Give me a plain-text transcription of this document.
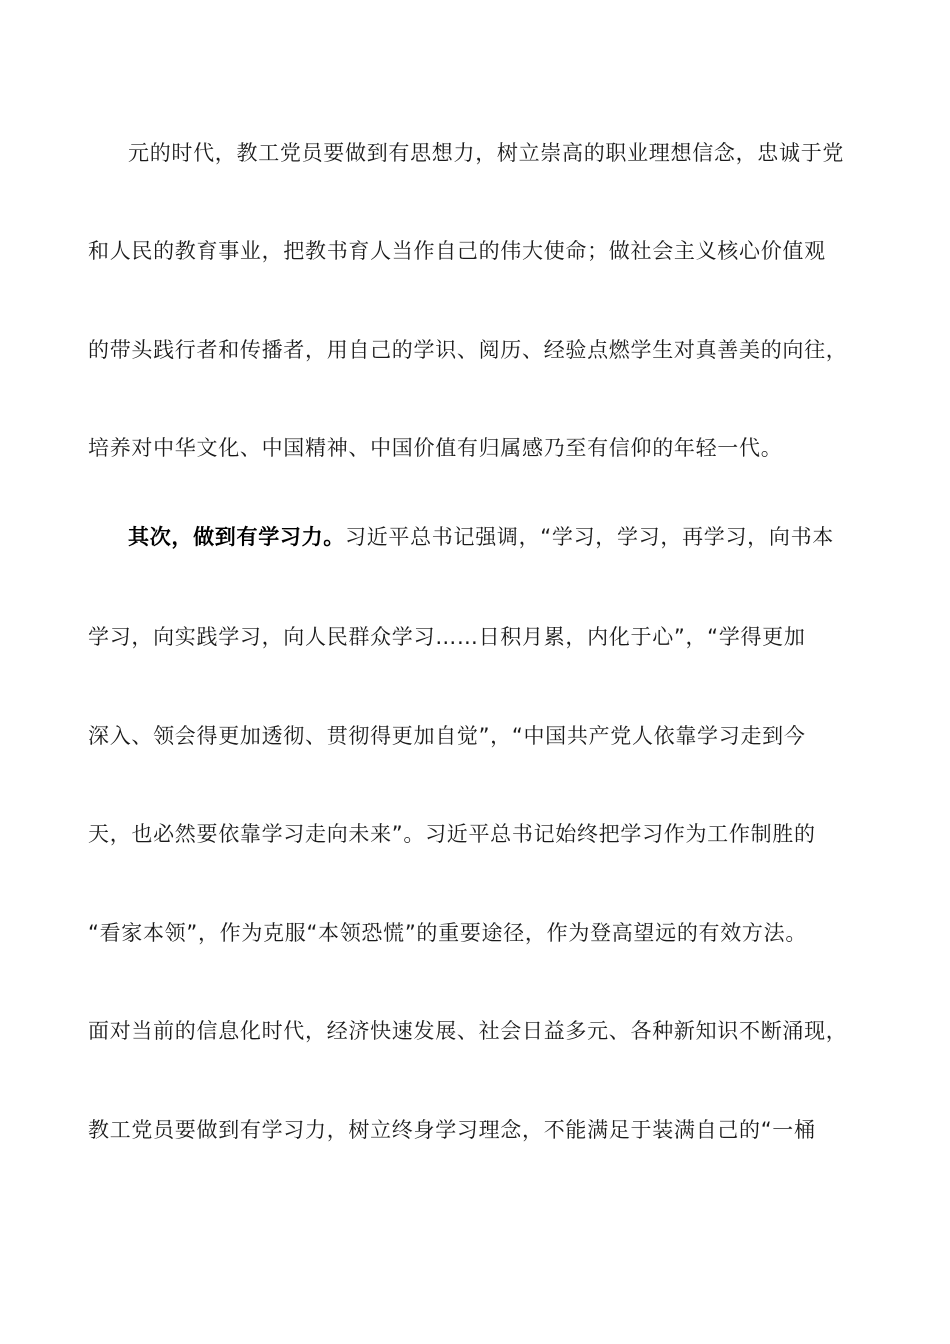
元的时代，教工党员要做到有思想力，树立崇高的职业理想信念，忠诚于党
和人民的教育事业，把教书育人当作自己的伟大使命；做社会主义核心价值观
的带头践行者和传播者，用自己的学识、阅历、经验点燃学生对真善美的向往，
培养对中华文化、中国精神、中国价值有归属感乃至有信仰的年轻一代。
其次，做到有学习力。习近平总书记强调，“学习，学习，再学习，向书本
学习，向实践学习，向人民群众学习……日积月累，内化于心”，“学得更加
深入、领会得更加透彻、贯彻得更加自觉”，“中国共产党人依靠学习走到今
天，也必然要依靠学习走向未来”。习近平总书记始终把学习作为工作制胜的
“看家本领”，作为克服“本领恐慌”的重要途径，作为登高望远的有效方法。
面对当前的信息化时代，经济快速发展、社会日益多元、各种新知识不断涌现，
教工党员要做到有学习力，树立终身学习理念，不能满足于装满自己的“一桶
